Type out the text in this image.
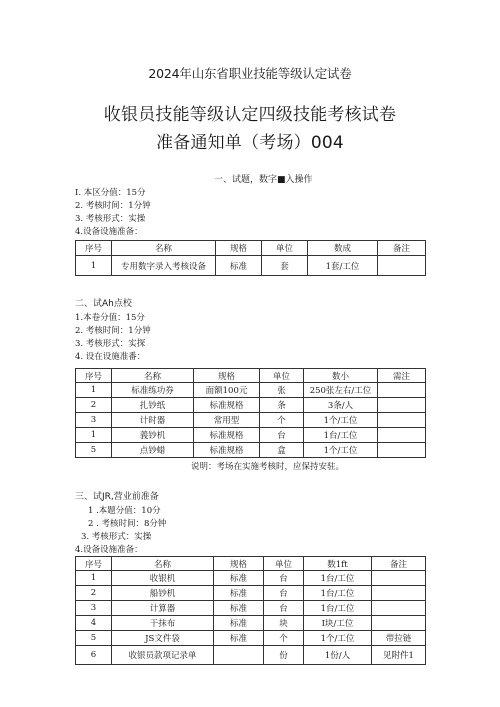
2024年山东省职业技能等级认定试卷
收银员技能等级认定四级技能考核试卷
准备通知单（考场）004
一、试题，数字■入操作
I. 本区分值：15分
2. 考核时间：1分钟
3. 考核形式：实操
4.设备设施准备：
序号	名称	规格	单位	数成	备注
1	专用数字录入考核设备	标准	套	1套/工位	
二、试Ah点校
1.本卷分值：15分
2. 考核时间：1分钟
3. 考核形式：实探
4. 设在设施准番：
序号	名称	规格	单位	数小	需注
1	标准练功券	面额100元	张	250张左右/工位	
2	扎钞纸	标准规格	条	3条/人	
3	计时器	常用型	个	1个/工位	
1	義钞机	标准规格	台	1台/工位	
5	点钞蜡	标准规格	盒	1个/工位	
说明：考场在实施考核时，应保持安驻。
三、试JR,营业前准备
1 .本题分值：10分
2 . 考核时间：8分钟
3. 考核形式：实操
4.设备设施准备：
序号	名称	规格	单位	数1ft	备注
1	收银机	标准	台	1台/工位	
2	船钞机	标准	台	1台/工位	
3	计算器	标准	台	1台/工位	
4	干抹布	标准	块	I块/工位	
5	JS文件袋	标准	个	1个/工位	带拉链
6	收银员款项记录单		份	1份/人	见附件1
